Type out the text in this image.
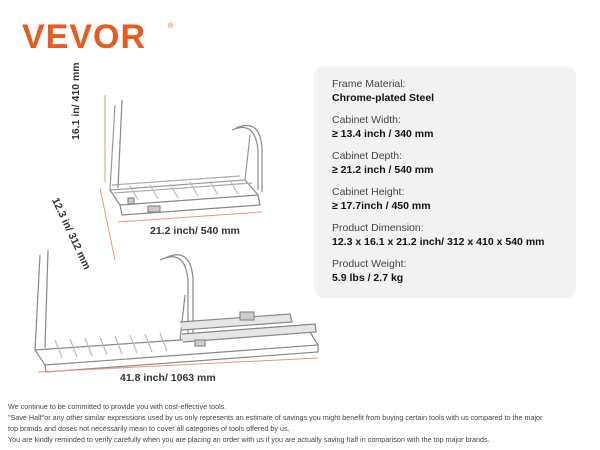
VEVOR	®
16.1 in/ 410 mm
12.3 in/ 312 mm	21.2 inch/ 540 mm
41.8 inch/ 1063 mm
Frame Material:
Chrome-plated Steel
Cabinet Width:
≥ 13.4 inch / 340 mm
Cabinet Depth:
≥ 21.2 inch / 540 mm
Cabinet Height:
≥ 17.7inch / 450 mm
Product Dimension:
12.3 x 16.1 x 21.2 inch/ 312 x 410 x 540 mm
Product Weight:
5.9 lbs / 2.7 kg

We continue to be committed to provide you with cost-effective tools.

"Save Half"or any other similar expressions used by us only represents an estimate of savings you might benefit from buying certain tools with us compared to the major

top brands and doses not necessarily mean to cover all categories of tools offered by us.

You are kindly reminded to verify carefully when you are placing an order with us if you are actually saving half in comparison with the top major brands.
